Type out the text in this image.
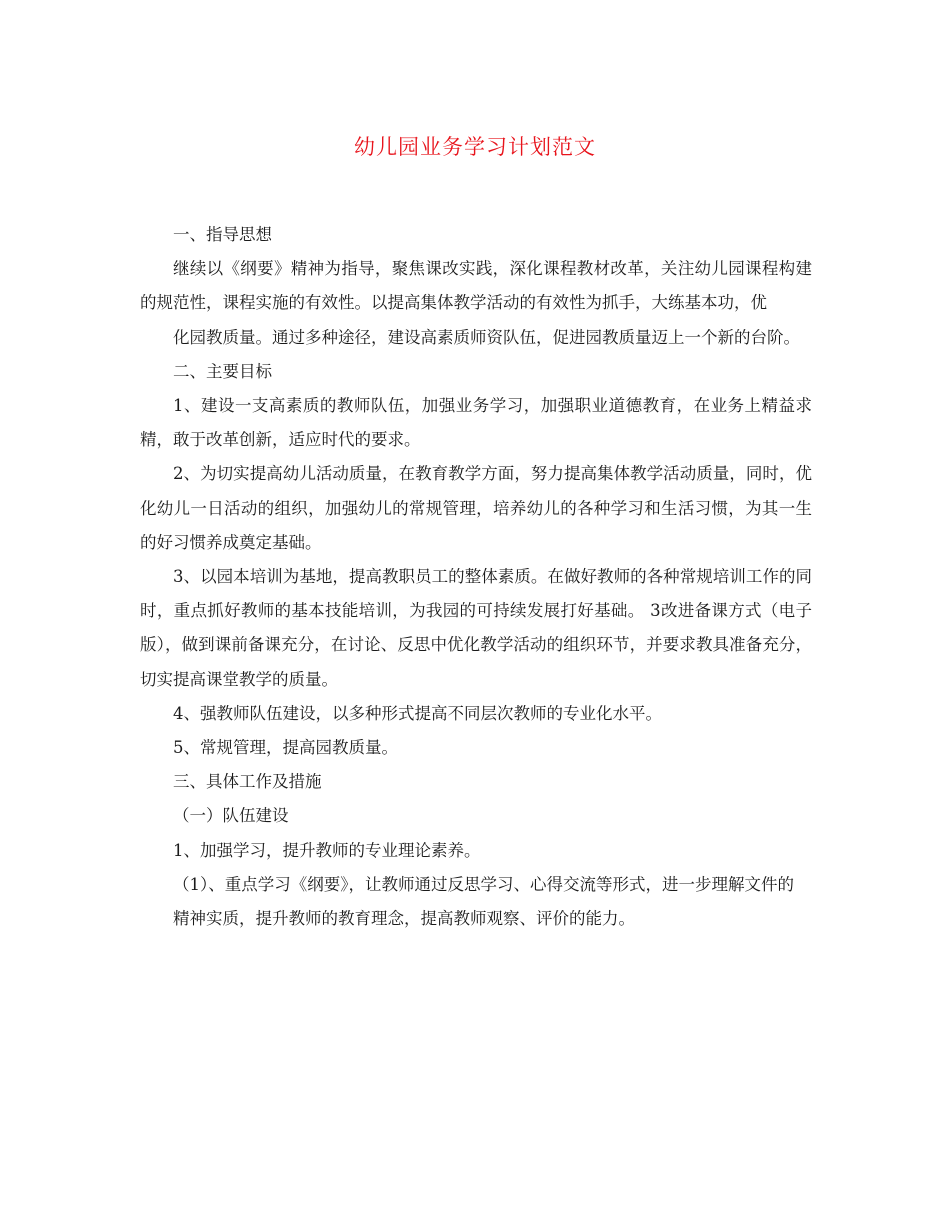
幼儿园业务学习计划范文

一、指导思想

继续以《纲要》精神为指导，聚焦课改实践，深化课程教材改革，关注幼儿园课程构建的规范性，课程实施的有效性。以提高集体教学活动的有效性为抓手，大练基本功，优

化园教质量。通过多种途径，建设高素质师资队伍，促进园教质量迈上一个新的台阶。

二、主要目标

1、建设一支高素质的教师队伍，加强业务学习，加强职业道德教育，在业务上精益求精，敢于改革创新，适应时代的要求。

2、为切实提高幼儿活动质量，在教育教学方面，努力提高集体教学活动质量，同时，优化幼儿一日活动的组织，加强幼儿的常规管理，培养幼儿的各种学习和生活习惯，为其一生的好习惯养成奠定基础。

3、以园本培训为基地，提高教职员工的整体素质。在做好教师的各种常规培训工作的同时，重点抓好教师的基本技能培训，为我园的可持续发展打好基础。 3改进备课方式（电子版），做到课前备课充分，在讨论、反思中优化教学活动的组织环节，并要求教具准备充分，切实提高课堂教学的质量。

4、强教师队伍建设，以多种形式提高不同层次教师的专业化水平。

5、常规管理，提高园教质量。

三、具体工作及措施

（一）队伍建设

1、加强学习，提升教师的专业理论素养。

（1）、重点学习《纲要》，让教师通过反思学习、心得交流等形式，进一步理解文件的

精神实质，提升教师的教育理念，提高教师观察、评价的能力。
